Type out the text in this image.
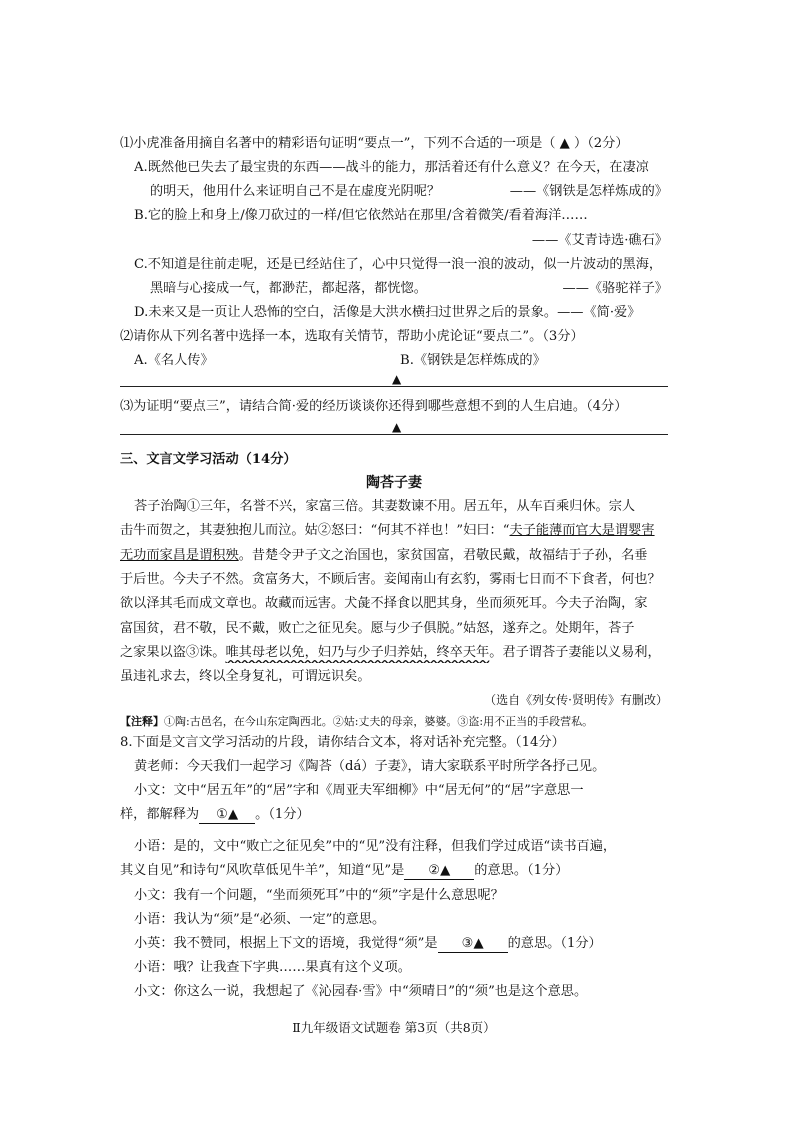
⑴小虎准备用摘自名著中的精彩语句证明“要点一”，下列不合适的一项是（ ▲ ）（2分）
A.既然他已失去了最宝贵的东西——战斗的能力，那活着还有什么意义？在今天，在凄凉
的明天，他用什么来证明自己不是在虚度光阴呢？	——《钢铁是怎样炼成的》
B.它的脸上和身上/像刀砍过的一样/但它依然站在那里/含着微笑/看着海洋……
——《艾青诗选·礁石》
C.不知道是往前走呢，还是已经站住了，心中只觉得一浪一浪的波动，似一片波动的黑海，
黑暗与心接成一气，都渺茫，都起落，都恍惚。	——《骆驼祥子》
D.未来又是一页让人恐怖的空白，活像是大洪水横扫过世界之后的景象。——《简·爱》
⑵请你从下列名著中选择一本，选取有关情节，帮助小虎论证“要点二”。（3分）
A.《名人传》	B.《钢铁是怎样炼成的》
▲
⑶为证明“要点三”，请结合简·爱的经历谈谈你还得到哪些意想不到的人生启迪。（4分）
▲
三、文言文学习活动（14分）
陶荅子妻
荅子治陶①三年，名誉不兴，家富三倍。其妻数谏不用。居五年，从车百乘归休。宗人
击牛而贺之，其妻独抱儿而泣。姑②怒曰：“何其不祥也！”妇曰：“夫子能薄而官大是谓婴害
无功而家昌是谓积殃。昔楚令尹子文之治国也，家贫国富，君敬民戴，故福结于子孙，名垂
于后世。今夫子不然。贪富务大，不顾后害。妾闻南山有玄豹，雾雨七日而不下食者，何也？
欲以泽其毛而成文章也。故藏而远害。犬彘不择食以肥其身，坐而须死耳。今夫子治陶，家
富国贫，君不敬，民不戴，败亡之征见矣。愿与少子俱脱。”姑怒，遂弃之。处期年，荅子
之家果以盗③诛。唯其母老以免，妇乃与少子归养姑，终卒天年。君子谓荅子妻能以义易利，
虽违礼求去，终以全身复礼，可谓远识矣。
（选自《列女传·贤明传》有删改）
【注释】①陶:古邑名，在今山东定陶西北。②姑:丈夫的母亲，婆婆。③盗:用不正当的手段营私。
8.下面是文言文学习活动的片段，请你结合文本，将对话补充完整。（14分）
黄老师：今天我们一起学习《陶荅（dá）子妻》，请大家联系平时所学各抒己见。
小文：文中“居五年”的“居”字和《周亚夫军细柳》中“居无何”的“居”字意思一
样，都解释为 ①▲ 。（1分）
小语：是的，文中“败亡之征见矣”中的“见”没有注释，但我们学过成语“读书百遍，
其义自见”和诗句“风吹草低见牛羊”，知道“见”是 ②▲ 的意思。（1分）
小文：我有一个问题，“坐而须死耳”中的“须”字是什么意思呢？
小语：我认为“须”是“必须、一定”的意思。
小英：我不赞同，根据上下文的语境，我觉得“须”是 ③▲ 的意思。（1分）
小语：哦？让我查下字典……果真有这个义项。
小文：你这么一说，我想起了《沁园春·雪》中“须晴日”的“须”也是这个意思。
Ⅱ九年级语文试题卷 第3页（共8页）
